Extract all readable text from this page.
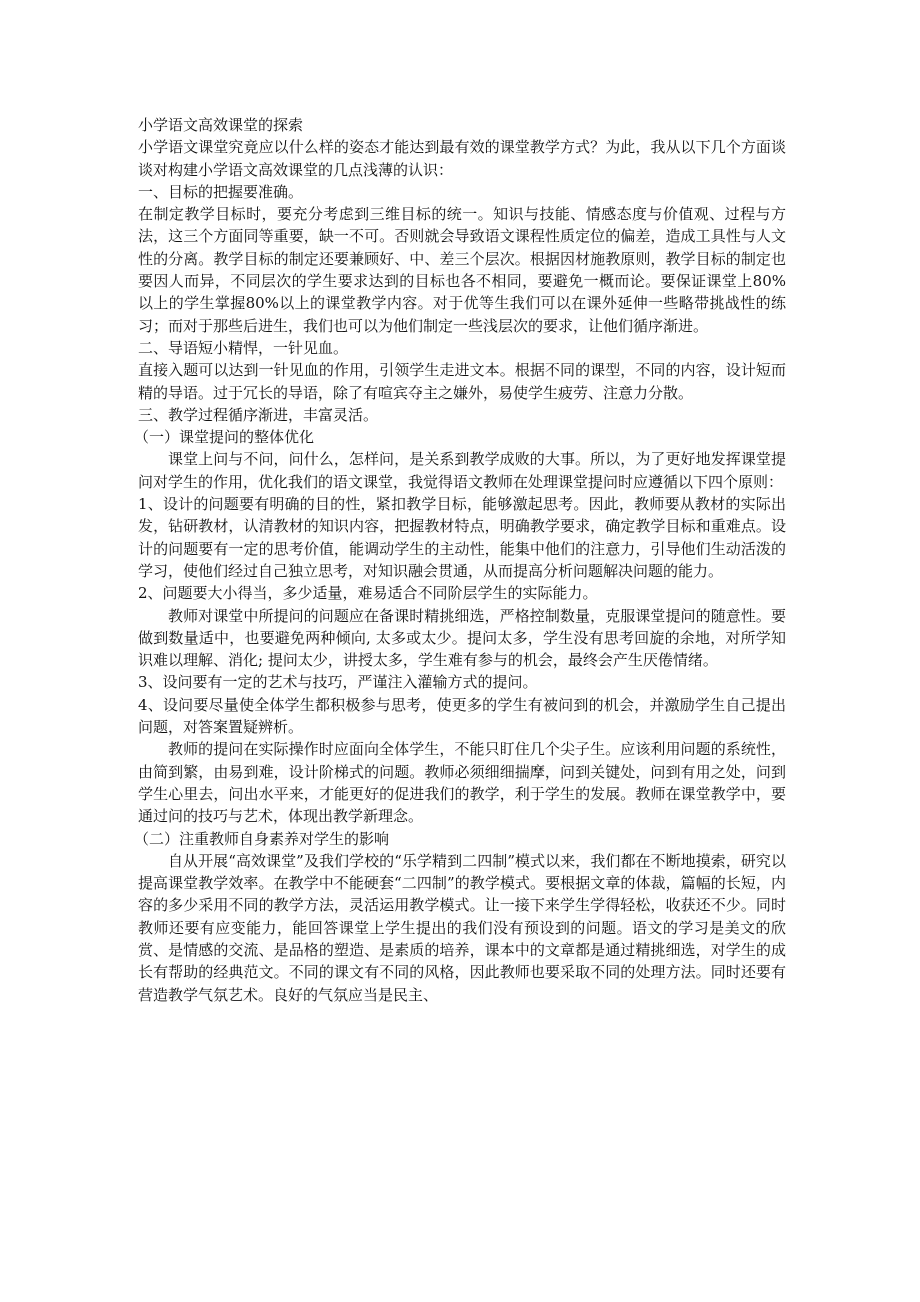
小学语文高效课堂的探索

小学语文课堂究竟应以什么样的姿态才能达到最有效的课堂教学方式？为此，我从以下几个方面谈谈对构建小学语文高效课堂的几点浅薄的认识：

一、目标的把握要准确。

在制定教学目标时，要充分考虑到三维目标的统一。知识与技能、情感态度与价值观、过程与方法，这三个方面同等重要，缺一不可。否则就会导致语文课程性质定位的偏差，造成工具性与人文性的分离。教学目标的制定还要兼顾好、中、差三个层次。根据因材施教原则，教学目标的制定也要因人而异，不同层次的学生要求达到的目标也各不相同，要避免一概而论。要保证课堂上80%以上的学生掌握80%以上的课堂教学内容。对于优等生我们可以在课外延伸一些略带挑战性的练习；而对于那些后进生，我们也可以为他们制定一些浅层次的要求，让他们循序渐进。

二、导语短小精悍，一针见血。

直接入题可以达到一针见血的作用，引领学生走进文本。根据不同的课型，不同的内容，设计短而精的导语。过于冗长的导语，除了有喧宾夺主之嫌外，易使学生疲劳、注意力分散。

三、教学过程循序渐进，丰富灵活。

（一）课堂提问的整体优化

课堂上问与不问，问什么，怎样问，是关系到教学成败的大事。所以，为了更好地发挥课堂提问对学生的作用，优化我们的语文课堂，我觉得语文教师在处理课堂提问时应遵循以下四个原则：

1、设计的问题要有明确的目的性，紧扣教学目标，能够激起思考。因此，教师要从教材的实际出发，钻研教材，认清教材的知识内容，把握教材特点，明确教学要求，确定教学目标和重难点。设计的问题要有一定的思考价值，能调动学生的主动性，能集中他们的注意力，引导他们生动活泼的学习，使他们经过自己独立思考，对知识融会贯通，从而提高分析问题解决问题的能力。

2、问题要大小得当，多少适量，难易适合不同阶层学生的实际能力。

教师对课堂中所提问的问题应在备课时精挑细选，严格控制数量，克服课堂提问的随意性。要做到数量适中，也要避免两种倾向, 太多或太少。提问太多，学生没有思考回旋的余地，对所学知识难以理解、消化; 提问太少，讲授太多，学生难有参与的机会，最终会产生厌倦情绪。

3、设问要有一定的艺术与技巧，严谨注入灌输方式的提问。

4、设问要尽量使全体学生都积极参与思考，使更多的学生有被问到的机会，并激励学生自己提出问题，对答案置疑辨析。

教师的提问在实际操作时应面向全体学生，不能只盯住几个尖子生。应该利用问题的系统性，由简到繁，由易到难，设计阶梯式的问题。教师必须细细揣摩，问到关键处，问到有用之处，问到学生心里去，问出水平来，才能更好的促进我们的教学，利于学生的发展。教师在课堂教学中，要通过问的技巧与艺术，体现出教学新理念。

（二）注重教师自身素养对学生的影响

自从开展“高效课堂”及我们学校的“乐学精到二四制”模式以来，我们都在不断地摸索，研究以提高课堂教学效率。在教学中不能硬套“二四制”的教学模式。要根据文章的体裁，篇幅的长短，内容的多少采用不同的教学方法，灵活运用教学模式。让一接下来学生学得轻松，收获还不少。同时教师还要有应变能力，能回答课堂上学生提出的我们没有预设到的问题。语文的学习是美文的欣赏、是情感的交流、是品格的塑造、是素质的培养，课本中的文章都是通过精挑细选，对学生的成长有帮助的经典范文。不同的课文有不同的风格，因此教师也要采取不同的处理方法。同时还要有营造教学气氛艺术。良好的气氛应当是民主、
